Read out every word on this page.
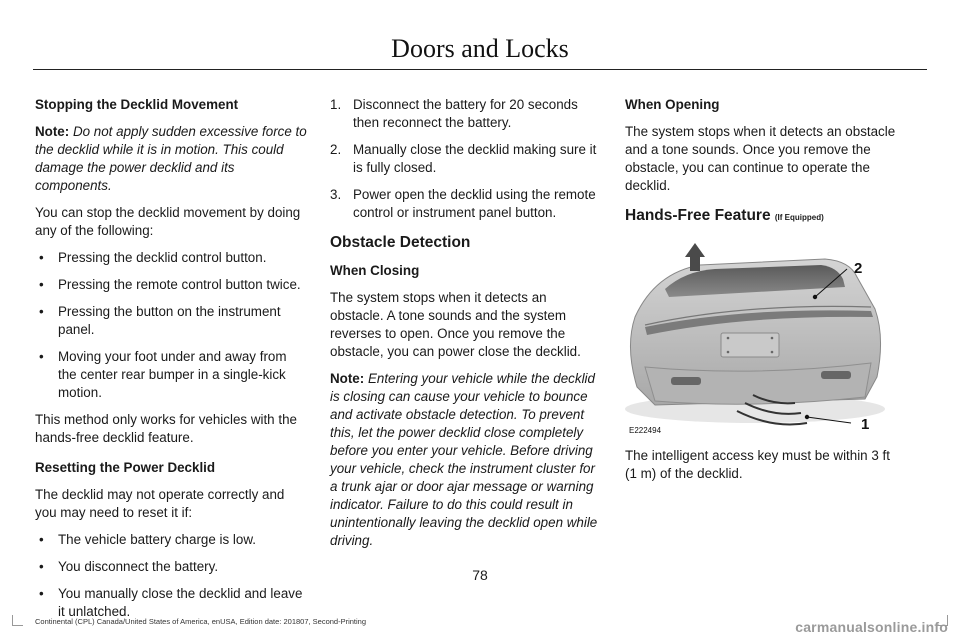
Doors and Locks
Stopping the Decklid Movement

Note: Do not apply sudden excessive force to the decklid while it is in motion. This could damage the power decklid and its components.

You can stop the decklid movement by doing any of the following:

• Pressing the decklid control button.
• Pressing the remote control button twice.
• Pressing the button on the instrument panel.
• Moving your foot under and away from the center rear bumper in a single-kick motion.

This method only works for vehicles with the hands-free decklid feature.

Resetting the Power Decklid

The decklid may not operate correctly and you may need to reset it if:

• The vehicle battery charge is low.
• You disconnect the battery.
• You manually close the decklid and leave it unlatched.
1. Disconnect the battery for 20 seconds then reconnect the battery.
2. Manually close the decklid making sure it is fully closed.
3. Power open the decklid using the remote control or instrument panel button.
Obstacle Detection
When Closing

The system stops when it detects an obstacle. A tone sounds and the system reverses to open. Once you remove the obstacle, you can power close the decklid.

Note: Entering your vehicle while the decklid is closing can cause your vehicle to bounce and activate obstacle detection. To prevent this, let the power decklid close completely before you enter your vehicle. Before driving your vehicle, check the instrument cluster for a trunk ajar or door ajar message or warning indicator. Failure to do this could result in unintentionally leaving the decklid open while driving.

When Opening

The system stops when it detects an obstacle and a tone sounds. Once you remove the obstacle, you can continue to operate the decklid.

Hands-Free Feature (If Equipped)
2
1
E222494

The intelligent access key must be within 3 ft (1 m) of the decklid.

78
Continental (CPL) Canada/United States of America, enUSA, Edition date: 201807, Second-Printing	carmanualsonline.info
